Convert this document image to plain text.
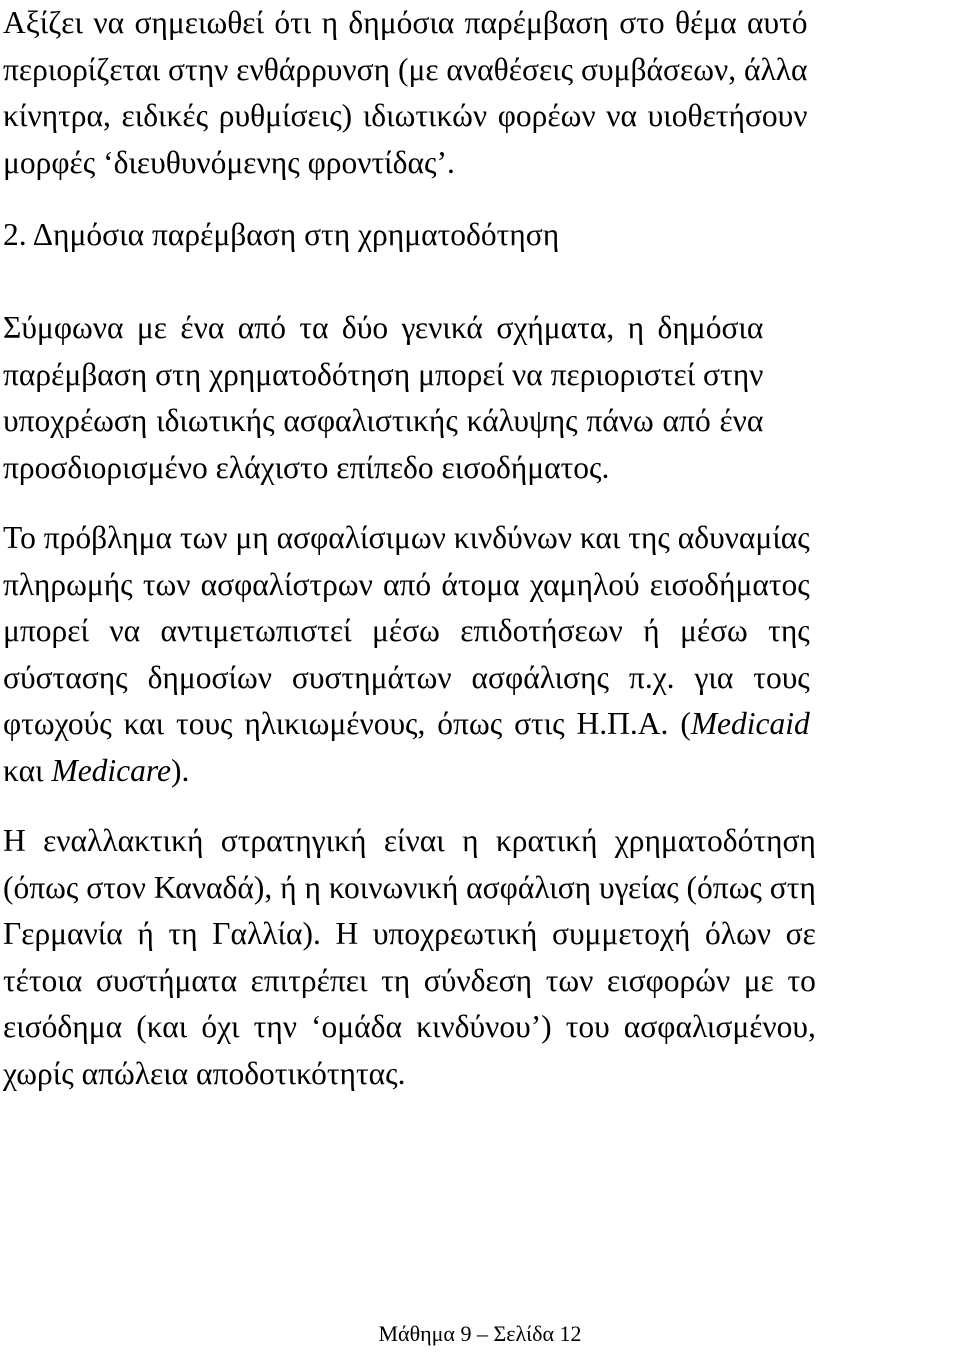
Αξίζει να σημειωθεί ότι η δημόσια παρέμβαση στο θέμα αυτό
περιορίζεται στην ενθάρρυνση (με αναθέσεις συμβάσεων, άλλα
κίνητρα, ειδικές ρυθμίσεις) ιδιωτικών φορέων να υιοθετήσουν
μορφές ‘διευθυνόμενης φροντίδας’.
2. Δημόσια παρέμβαση στη χρηματοδότηση
Σύμφωνα με ένα από τα δύο γενικά σχήματα, η δημόσια
παρέμβαση στη χρηματοδότηση μπορεί να περιοριστεί στην
υποχρέωση ιδιωτικής ασφαλιστικής κάλυψης πάνω από ένα
προσδιορισμένο ελάχιστο επίπεδο εισοδήματος.
Το πρόβλημα των μη ασφαλίσιμων κινδύνων και της αδυναμίας
πληρωμής των ασφαλίστρων από άτομα χαμηλού εισοδήματος
μπορεί να αντιμετωπιστεί μέσω επιδοτήσεων ή μέσω της
σύστασης δημοσίων συστημάτων ασφάλισης π.χ. για τους
φτωχούς και τους ηλικιωμένους, όπως στις Η.Π.Α. (Medicaid
και Medicare).
Η εναλλακτική στρατηγική είναι η κρατική χρηματοδότηση
(όπως στον Καναδά), ή η κοινωνική ασφάλιση υγείας (όπως στη
Γερμανία ή τη Γαλλία). Η υποχρεωτική συμμετοχή όλων σε
τέτοια συστήματα επιτρέπει τη σύνδεση των εισφορών με το
εισόδημα (και όχι την ‘ομάδα κινδύνου’) του ασφαλισμένου,
χωρίς απώλεια αποδοτικότητας.
Μάθημα 9 – Σελίδα 12
